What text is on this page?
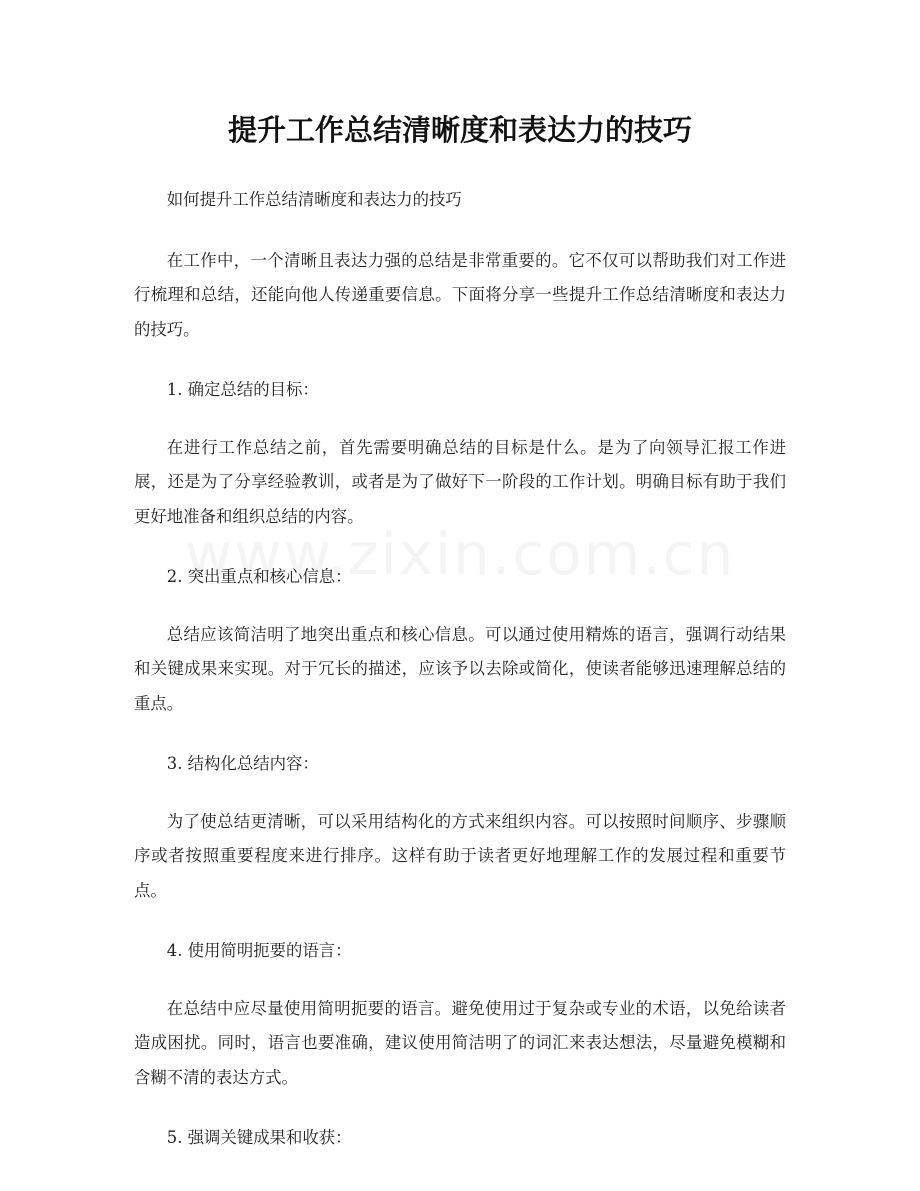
提升工作总结清晰度和表达力的技巧

如何提升工作总结清晰度和表达力的技巧

在工作中，一个清晰且表达力强的总结是非常重要的。它不仅可以帮助我们对工作进行梳理和总结，还能向他人传递重要信息。下面将分享一些提升工作总结清晰度和表达力的技巧。

1. 确定总结的目标：

在进行工作总结之前，首先需要明确总结的目标是什么。是为了向领导汇报工作进展，还是为了分享经验教训，或者是为了做好下一阶段的工作计划。明确目标有助于我们更好地准备和组织总结的内容。

2. 突出重点和核心信息：

总结应该简洁明了地突出重点和核心信息。可以通过使用精炼的语言，强调行动结果和关键成果来实现。对于冗长的描述，应该予以去除或简化，使读者能够迅速理解总结的重点。

3. 结构化总结内容：

为了使总结更清晰，可以采用结构化的方式来组织内容。可以按照时间顺序、步骤顺序或者按照重要程度来进行排序。这样有助于读者更好地理解工作的发展过程和重要节点。

4. 使用简明扼要的语言：

在总结中应尽量使用简明扼要的语言。避免使用过于复杂或专业的术语，以免给读者造成困扰。同时，语言也要准确，建议使用简洁明了的词汇来表达想法，尽量避免模糊和含糊不清的表达方式。

5. 强调关键成果和收获：
